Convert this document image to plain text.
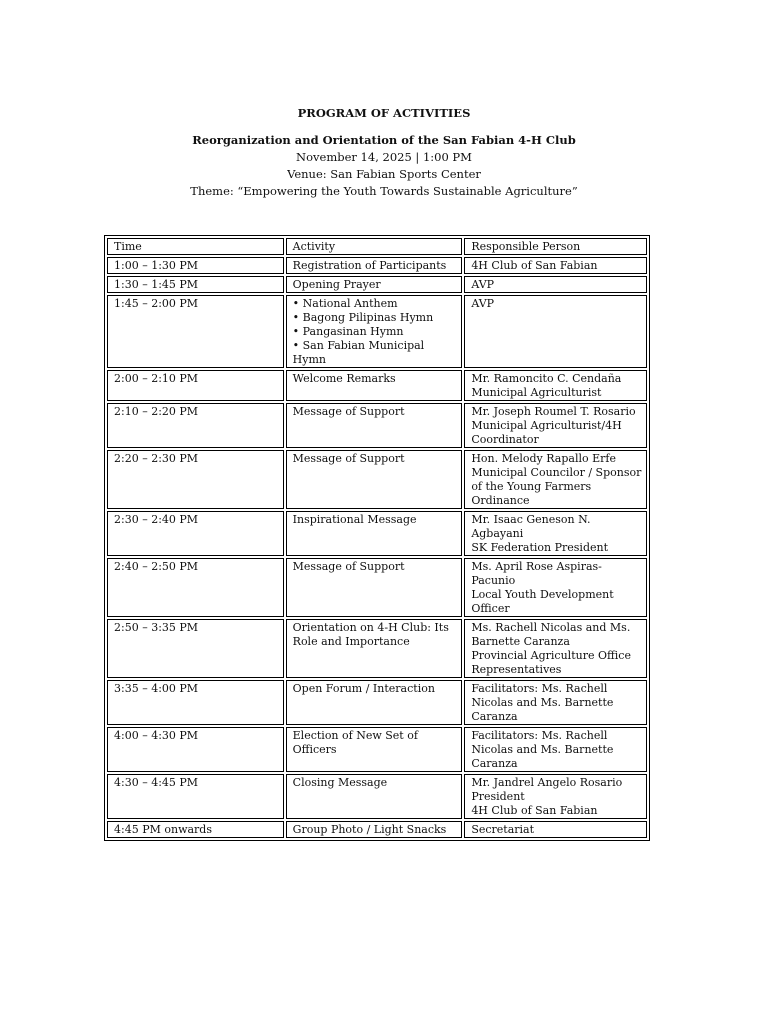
PROGRAM OF ACTIVITIES
Reorganization and Orientation of the San Fabian 4-H Club
November 14, 2025 | 1:00 PM
Venue: San Fabian Sports Center
Theme: “Empowering the Youth Towards Sustainable Agriculture”
Time	Activity	Responsible Person
1:00 – 1:30 PM	Registration of Participants	4H Club of San Fabian

1:30 – 1:45 PM	Opening Prayer	AVP

1:45 – 2:00 PM	• National Anthem
• Bagong Pilipinas Hymn
• Pangasinan Hymn
• San Fabian Municipal Hymn	AVP

2:00 – 2:10 PM	Welcome Remarks	Mr. Ramoncito C. Cendaña
Municipal Agriculturist

2:10 – 2:20 PM	Message of Support	Mr. Joseph Roumel T. Rosario
Municipal Agriculturist/4H Coordinator

2:20 – 2:30 PM	Message of Support	Hon. Melody Rapallo Erfe
Municipal Councilor / Sponsor of the Young Farmers Ordinance

2:30 – 2:40 PM	Inspirational Message	Mr. Isaac Geneson N. Agbayani
SK Federation President

2:40 – 2:50 PM	Message of Support	Ms. April Rose Aspiras-Pacunio
Local Youth Development Officer

2:50 – 3:35 PM	Orientation on 4-H Club: Its Role and Importance	Ms. Rachell Nicolas and Ms. Barnette Caranza
Provincial Agriculture Office Representatives

3:35 – 4:00 PM	Open Forum / Interaction	Facilitators: Ms. Rachell Nicolas and Ms. Barnette Caranza

4:00 – 4:30 PM	Election of New Set of Officers	Facilitators: Ms. Rachell Nicolas and Ms. Barnette Caranza

4:30 – 4:45 PM	Closing Message	Mr. Jandrel Angelo Rosario
President
4H Club of San Fabian

4:45 PM onwards	Group Photo / Light Snacks	Secretariat
